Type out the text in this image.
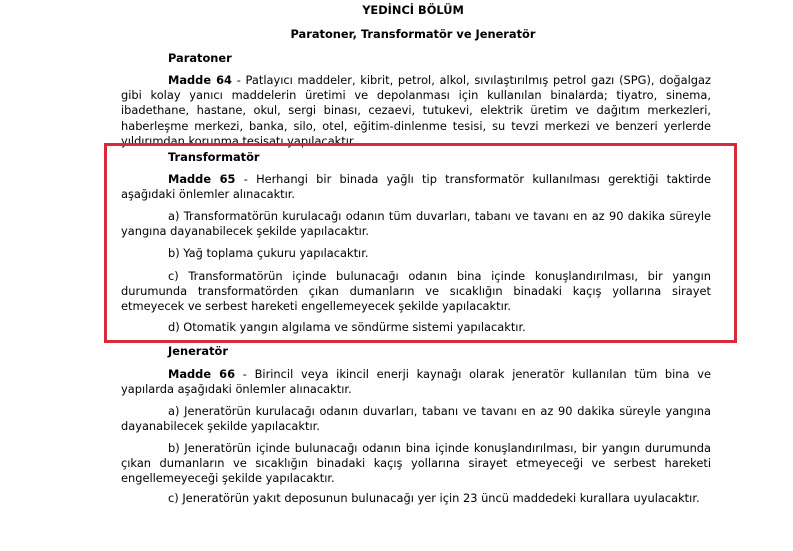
YEDİNCİ BÖLÜM
Paratoner, Transformatör ve Jeneratör
Paratoner

Madde 64 - Patlayıcı maddeler, kibrit, petrol, alkol, sıvılaştırılmış petrol gazı (SPG), doğalgaz gibi kolay yanıcı maddelerin üretimi ve depolanması için kullanılan binalarda; tiyatro, sinema, ibadethane, hastane, okul, sergi binası, cezaevi, tutukevi, elektrik üretim ve dağıtım merkezleri, haberleşme merkezi, banka, silo, otel, eğitim-dinlenme tesisi, su tevzi merkezi ve benzeri yerlerde yıldırımdan korunma tesisatı yapılacaktır.

Transformatör

Madde 65 - Herhangi bir binada yağlı tip transformatör kullanılması gerektiği taktirde aşağıdaki önlemler alınacaktır.

a) Transformatörün kurulacağı odanın tüm duvarları, tabanı ve tavanı en az 90 dakika süreyle yangına dayanabilecek şekilde yapılacaktır.

b) Yağ toplama çukuru yapılacaktır.

c) Transformatörün içinde bulunacağı odanın bina içinde konuşlandırılması, bir yangın durumunda transformatörden çıkan dumanların ve sıcaklığın binadaki kaçış yollarına sirayet etmeyecek ve serbest hareketi engellemeyecek şekilde yapılacaktır.

d) Otomatik yangın algılama ve söndürme sistemi yapılacaktır.

Jeneratör

Madde 66 - Birincil veya ikincil enerji kaynağı olarak jeneratör kullanılan tüm bina ve yapılarda aşağıdaki önlemler alınacaktır.

a) Jeneratörün kurulacağı odanın duvarları, tabanı ve tavanı en az 90 dakika süreyle yangına dayanabilecek şekilde yapılacaktır.

b) Jeneratörün içinde bulunacağı odanın bina içinde konuşlandırılması, bir yangın durumunda çıkan dumanların ve sıcaklığın binadaki kaçış yollarına sirayet etmeyeceği ve serbest hareketi engellemeyeceği şekilde yapılacaktır.

c) Jeneratörün yakıt deposunun bulunacağı yer için 23 üncü maddedeki kurallara uyulacaktır.
